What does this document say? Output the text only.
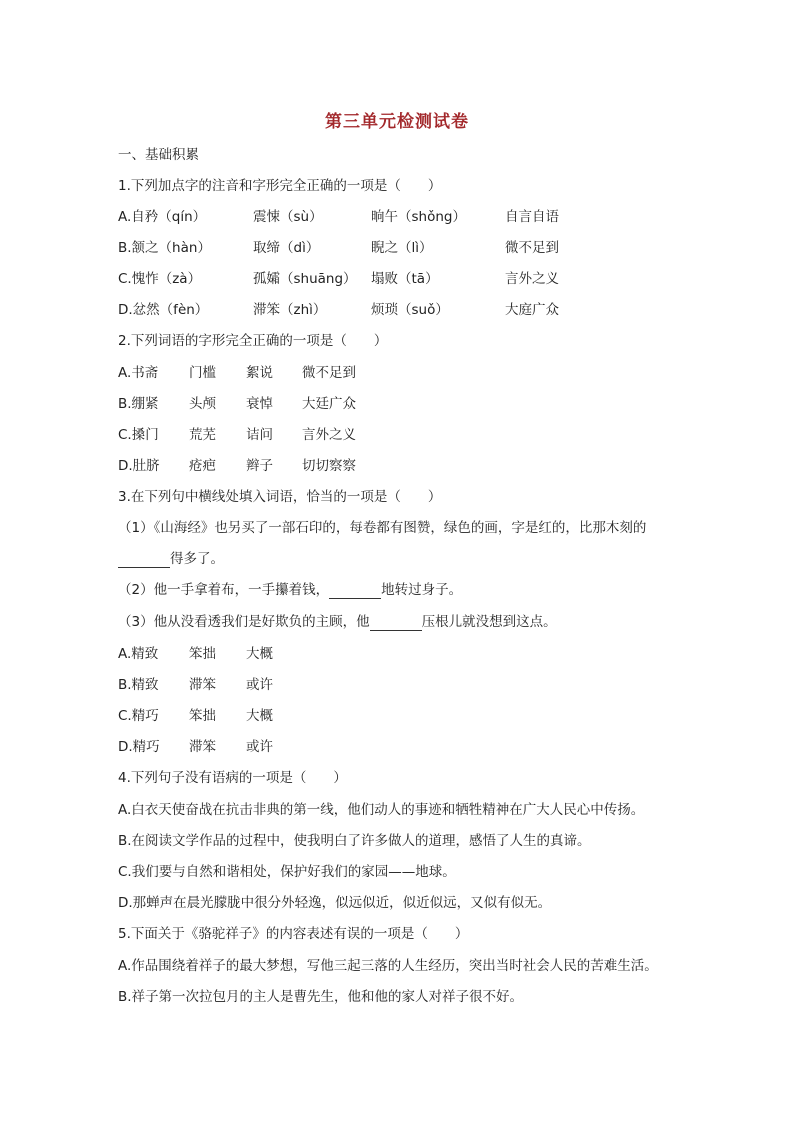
第三单元检测试卷
一、基础积累
1.下列加点字的注音和字形完全正确的一项是（　　）
A.自矜（qín）	震悚（sù）	晌午（shǒng）	自言自语
B.颔之（hàn）	取缔（dì）	睨之（lì）	微不足到
C.愧怍（zà）	孤孀（shuāng） 塌败（tā）	言外之义
D.忿然（fèn）	滞笨（zhì）	烦琐（suǒ）	大庭广众
2.下列词语的字形完全正确的一项是（　　）
A.书斋 门槛 絮说 微不足到
B.绷紧 头颅 衰悼 大廷广众
C.搡门 荒芜 诘问 言外之义
D.肚脐 疮疤 辫子 切切察察
3.在下列句中横线处填入词语，恰当的一项是（　　）
（1）《山海经》也另买了一部石印的，每卷都有图赞，绿色的画，字是红的，比那木刻的
得多了。
（2）他一手拿着布，一手攥着钱，	地转过身子。
（3）他从没看透我们是好欺负的主顾，他	压根儿就没想到这点。
A.精致 笨拙 大概
B.精致 滞笨 或许
C.精巧 笨拙 大概
D.精巧 滞笨 或许
4.下列句子没有语病的一项是（　　）
A.白衣天使奋战在抗击非典的第一线，他们动人的事迹和牺牲精神在广大人民心中传扬。
B.在阅读文学作品的过程中，使我明白了许多做人的道理，感悟了人生的真谛。
C.我们要与自然和谐相处，保护好我们的家园——地球。
D.那蝉声在晨光朦胧中很分外轻逸，似远似近，似近似远，又似有似无。
5.下面关于《骆驼祥子》的内容表述有误的一项是（　　）
A.作品围绕着祥子的最大梦想，写他三起三落的人生经历，突出当时社会人民的苦难生活。
B.祥子第一次拉包月的主人是曹先生，他和他的家人对祥子很不好。
